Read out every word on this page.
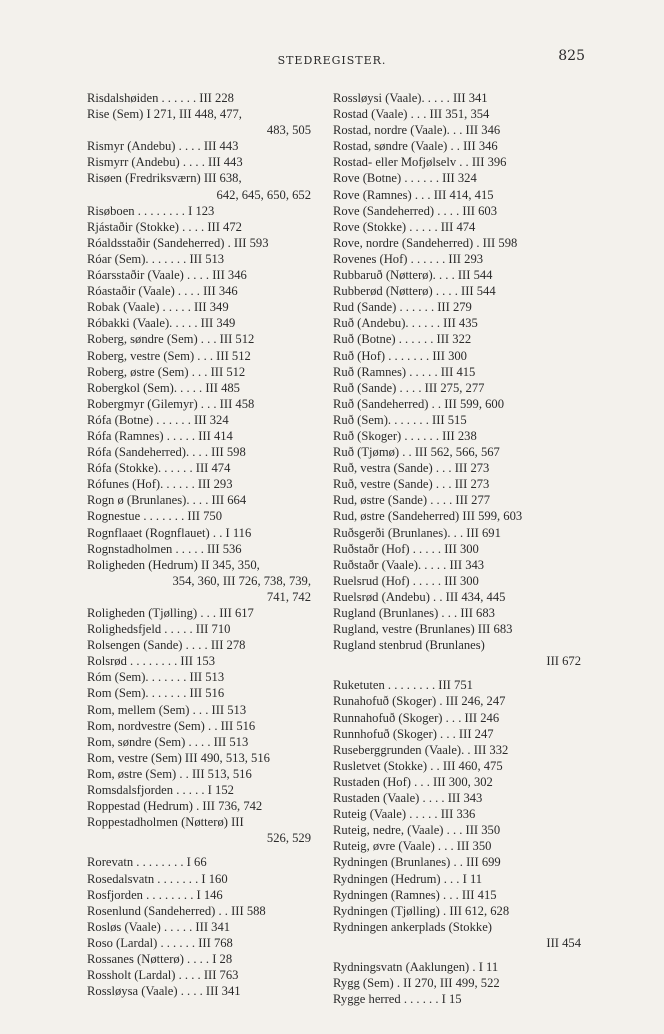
STEDREGISTER.	825
Risdalshøiden . . . . . . III 228
Rise (Sem) I 271, III 448, 477,
483, 505
Rismyr (Andebu) . . . . III 443
Rismyrr (Andebu) . . . . III 443
Risøen (Fredriksværn) III 638,
642, 645, 650, 652
Risøboen . . . . . . . . I 123
Rjástaðir (Stokke) . . . . III 472
Róaldsstaðir (Sandeherred) . III 593
Róar (Sem). . . . . . . III 513
Róarsstaðir (Vaale) . . . . III 346
Róastaðir (Vaale) . . . . III 346
Robak (Vaale) . . . . . III 349
Róbakki (Vaale). . . . . III 349
Roberg, søndre (Sem) . . . III 512
Roberg, vestre (Sem) . . . III 512
Roberg, østre (Sem) . . . III 512
Robergkol (Sem). . . . . III 485
Robergmyr (Gilemyr) . . . III 458
Rófa (Botne) . . . . . . III 324
Rófa (Ramnes) . . . . . III 414
Rófa (Sandeherred). . . . III 598
Rófa (Stokke). . . . . . III 474
Rófunes (Hof). . . . . . III 293
Rogn ø (Brunlanes). . . . III 664
Rognestue . . . . . . . III 750
Rognflaaet (Rognflauet) . . I 116
Rognstadholmen . . . . . III 536
Roligheden (Hedrum) II 345, 350,
354, 360, III 726, 738, 739,
741, 742
Roligheden (Tjølling) . . . III 617
Rolighedsfjeld . . . . . III 710
Rolsengen (Sande) . . . . III 278
Rolsrød . . . . . . . . III 153
Róm (Sem). . . . . . . III 513
Rom (Sem). . . . . . . III 516
Rom, mellem (Sem) . . . III 513
Rom, nordvestre (Sem) . . III 516
Rom, søndre (Sem) . . . . III 513
Rom, vestre (Sem) III 490, 513, 516
Rom, østre (Sem) . . III 513, 516
Romsdalsfjorden . . . . . I 152
Roppestad (Hedrum) . III 736, 742
Roppestadholmen (Nøtterø) III
526, 529
Rorevatn . . . . . . . . I 66
Rosedalsvatn . . . . . . . I 160
Rosfjorden . . . . . . . . I 146
Rosenlund (Sandeherred) . . III 588
Rosløs (Vaale) . . . . . III 341
Roso (Lardal) . . . . . . III 768
Rossanes (Nøtterø) . . . . I 28
Rossholt (Lardal) . . . . III 763
Rossløysa (Vaale) . . . . III 341
Rossløysi (Vaale). . . . . III 341
Rostad (Vaale) . . . III 351, 354
Rostad, nordre (Vaale). . . III 346
Rostad, søndre (Vaale) . . III 346
Rostad- eller Mofjølselv . . III 396
Rove (Botne) . . . . . . III 324
Rove (Ramnes) . . . III 414, 415
Rove (Sandeherred) . . . . III 603
Rove (Stokke) . . . . . III 474
Rove, nordre (Sandeherred) . III 598
Rovenes (Hof) . . . . . . III 293
Rubbaruð (Nøtterø). . . . III 544
Rubberød (Nøtterø) . . . . III 544
Rud (Sande) . . . . . . III 279
Ruð (Andebu). . . . . . III 435
Ruð (Botne) . . . . . . III 322
Ruð (Hof) . . . . . . . III 300
Ruð (Ramnes) . . . . . III 415
Ruð (Sande) . . . . III 275, 277
Ruð (Sandeherred) . . III 599, 600
Ruð (Sem). . . . . . . III 515
Ruð (Skoger) . . . . . . III 238
Ruð (Tjømø) . . III 562, 566, 567
Ruð, vestra (Sande) . . . III 273
Ruð, vestre (Sande) . . . III 273
Rud, østre (Sande) . . . . III 277
Rud, østre (Sandeherred) III 599, 603
Ruðsgerði (Brunlanes). . . III 691
Ruðstaðr (Hof) . . . . . III 300
Ruðstaðr (Vaale). . . . . III 343
Ruelsrud (Hof) . . . . . III 300
Ruelsrød (Andebu) . . III 434, 445
Rugland (Brunlanes) . . . III 683
Rugland, vestre (Brunlanes) III 683
Rugland stenbrud (Brunlanes)
III 672
Ruketuten . . . . . . . . III 751
Runahofuð (Skoger) . III 246, 247
Runnahofuð (Skoger) . . . III 246
Runnhofuð (Skoger) . . . III 247
Ruseberggrunden (Vaale). . III 332
Rusletvet (Stokke) . . III 460, 475
Rustaden (Hof) . . . III 300, 302
Rustaden (Vaale) . . . . III 343
Ruteig (Vaale) . . . . . III 336
Ruteig, nedre, (Vaale) . . . III 350
Ruteig, øvre (Vaale) . . . III 350
Rydningen (Brunlanes) . . III 699
Rydningen (Hedrum) . . . I 11
Rydningen (Ramnes) . . . III 415
Rydningen (Tjølling) . III 612, 628
Rydningen ankerplads (Stokke)
III 454
Rydningsvatn (Aaklungen) . I 11
Rygg (Sem) . II 270, III 499, 522
Rygge herred . . . . . . I 15
